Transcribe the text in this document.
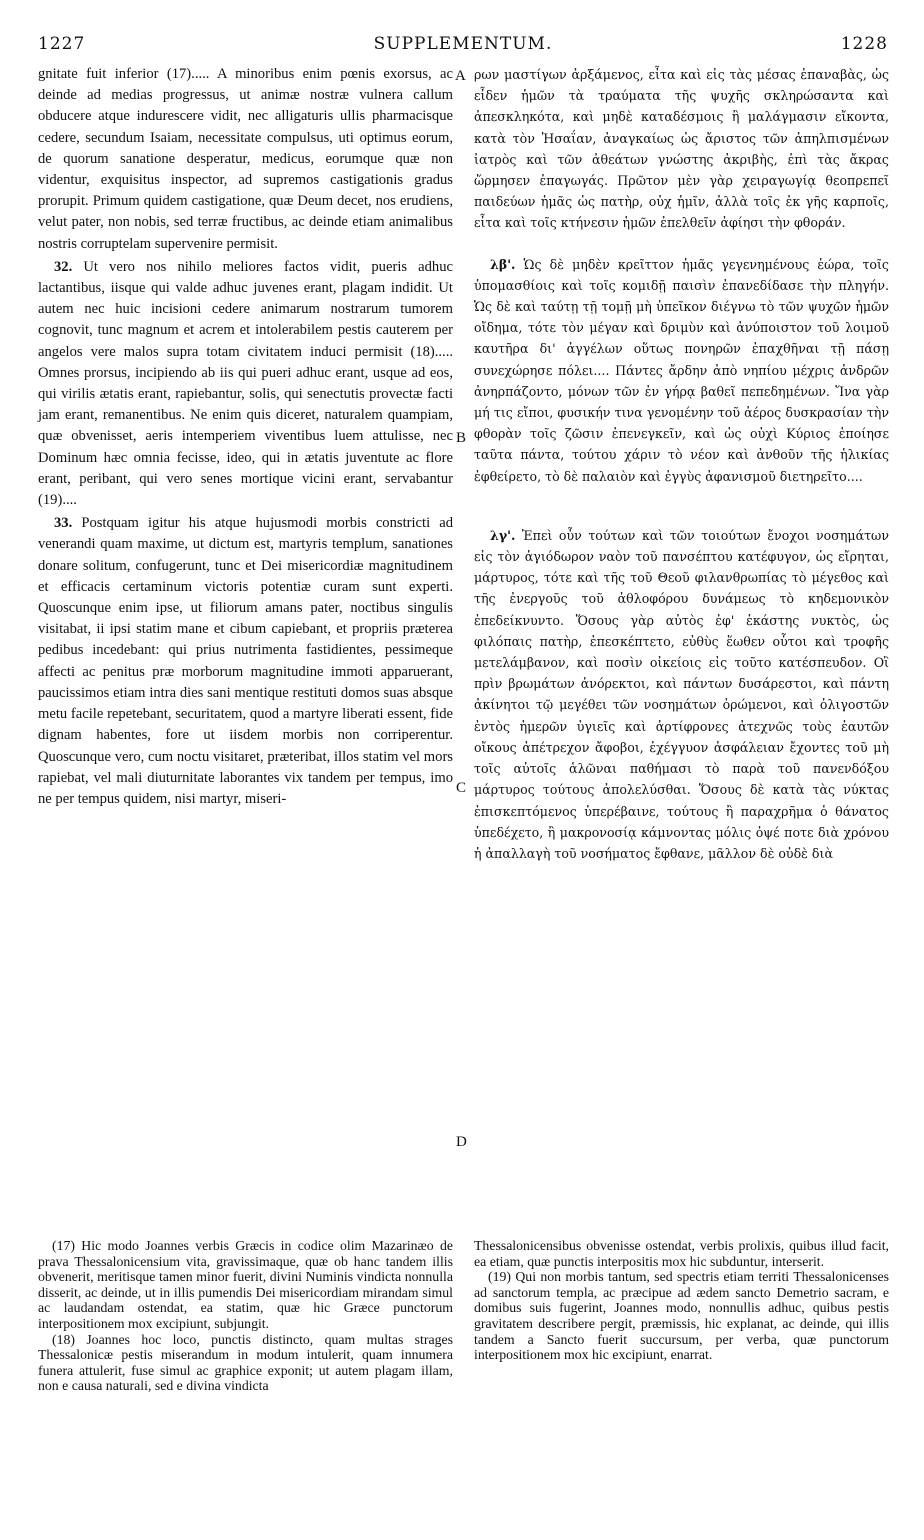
1227	SUPPLEMENTUM.	1228
A
B
C
D

gnitate fuit inferior (17)..... A minoribus enim pœnis exorsus, ac deinde ad medias progressus, ut animæ nostræ vulnera callum obducere atque indurescere vidit, nec alligaturis ullis pharmacisque cedere, secundum Isaiam, necessitate compulsus, uti optimus eorum, de quorum sanatione desperatur, medicus, eorumque quæ non videntur, exquisitus inspector, ad supremos castigationis gradus prorupit. Primum quidem castigatione, quæ Deum decet, nos erudiens, velut pater, non nobis, sed terræ fructibus, ac deinde etiam animalibus nostris corruptelam supervenire permisit.

32. Ut vero nos nihilo meliores factos vidit, pueris adhuc lactantibus, iisque qui valde adhuc juvenes erant, plagam indidit. Ut autem nec huic incisioni cedere animarum nostrarum tumorem cognovit, tunc magnum et acrem et intolerabilem pestis cauterem per angelos vere malos supra totam civitatem induci permisit (18)..... Omnes prorsus, incipiendo ab iis qui pueri adhuc erant, usque ad eos, qui virilis ætatis erant, rapiebantur, solis, qui senectutis provectæ facti jam erant, remanentibus. Ne enim quis diceret, naturalem quampiam, quæ obvenisset, aeris intemperiem viventibus luem attulisse, nec Dominum hæc omnia fecisse, ideo, qui in ætatis juventute ac flore erant, peribant, qui vero senes mortique vicini erant, servabantur (19)....

33. Postquam igitur his atque hujusmodi morbis constricti ad venerandi quam maxime, ut dictum est, martyris templum, sanationes donare solitum, confugerunt, tunc et Dei misericordiæ magnitudinem et efficacis certaminum victoris potentiæ curam sunt experti. Quoscunque enim ipse, ut filiorum amans pater, noctibus singulis visitabat, ii ipsi statim mane et cibum capiebant, et propriis præterea pedibus incedebant: qui prius nutrimenta fastidientes, pessimeque affecti ac penitus præ morborum magnitudine immoti apparuerant, paucissimos etiam intra dies sani mentique restituti domos suas absque metu facile repetebant, securitatem, quod a martyre liberati essent, fide dignam habentes, fore ut iisdem morbis non corriperentur. Quoscunque vero, cum noctu visitaret, præteribat, illos statim vel mors rapiebat, vel mali diuturnitate laborantes vix tandem per tempus, imo ne per tempus quidem, nisi martyr, miseri-

ρων μαστίγων ἀρξάμενος, εἶτα καὶ εἰς τὰς μέσας ἐπαναβὰς, ὡς εἶδεν ἡμῶν τὰ τραύματα τῆς ψυχῆς σκληρώσαντα καὶ ἀπεσκληκότα, καὶ μηδὲ καταδέσμοις ἢ μαλάγμασιν εἴκοντα, κατὰ τὸν Ἡσαΐαν, ἀναγκαίως ὡς ἄριστος τῶν ἀπηλπισμένων ἰατρὸς καὶ τῶν ἀθεάτων γνώστης ἀκριβὴς, ἐπὶ τὰς ἄκρας ὥρμησεν ἐπαγωγάς. Πρῶτον μὲν γὰρ χειραγωγίᾳ θεοπρεπεῖ παιδεύων ἡμᾶς ὡς πατὴρ, οὐχ ἡμῖν, ἀλλὰ τοῖς ἐκ γῆς καρποῖς, εἶτα καὶ τοῖς κτήνεσιν ἡμῶν ἐπελθεῖν ἀφίησι τὴν φθοράν.

λβ'. Ὡς δὲ μηδὲν κρεῖττον ἡμᾶς γεγενημένους ἑώρα, τοῖς ὑπομασθίοις καὶ τοῖς κομιδῇ παισὶν ἐπανεδίδασε τὴν πληγήν. Ὡς δὲ καὶ ταύτῃ τῇ τομῇ μὴ ὑπεῖκον διέγνω τὸ τῶν ψυχῶν ἡμῶν οἴδημα, τότε τὸν μέγαν καὶ δριμὺν καὶ ἀνύποιστον τοῦ λοιμοῦ καυτῆρα δι' ἀγγέλων οὕτως πονηρῶν ἐπαχθῆναι τῇ πάσῃ συνεχώρησε πόλει.... Πάντες ἄρδην ἀπὸ νηπίου μέχρις ἀνδρῶν ἀνηρπάζοντο, μόνων τῶν ἐν γήρᾳ βαθεῖ πεπεδημένων. Ἵνα γὰρ μή τις εἴποι, φυσικήν τινα γενομένην τοῦ ἀέρος δυσκρασίαν τὴν φθορὰν τοῖς ζῶσιν ἐπενεγκεῖν, καὶ ὡς οὐχὶ Κύριος ἐποίησε ταῦτα πάντα, τούτου χάριν τὸ νέον καὶ ἀνθοῦν τῆς ἡλικίας ἐφθείρετο, τὸ δὲ παλαιὸν καὶ ἐγγὺς ἀφανισμοῦ διετηρεῖτο....

λγ'. Ἐπεὶ οὖν τούτων καὶ τῶν τοιούτων ἔνοχοι νοσημάτων εἰς τὸν ἁγιόδωρον ναὸν τοῦ πανσέπτου κατέφυγον, ὡς εἴρηται, μάρτυρος, τότε καὶ τῆς τοῦ Θεοῦ φιλανθρωπίας τὸ μέγεθος καὶ τῆς ἐνεργοῦς τοῦ ἀθλοφόρου δυνάμεως τὸ κηδεμονικὸν ἐπεδείκνυντο. Ὅσους γὰρ αὐτὸς ἐφ' ἑκάστης νυκτὸς, ὡς φιλόπαις πατὴρ, ἐπεσκέπτετο, εὐθὺς ἕωθεν οὗτοι καὶ τροφῆς μετελάμβανον, καὶ ποσὶν οἰκείοις εἰς τοῦτο κατέσπευδον. Οἳ πρὶν βρωμάτων ἀνόρεκτοι, καὶ πάντων δυσάρεστοι, καὶ πάντη ἀκίνητοι τῷ μεγέθει τῶν νοσημάτων ὁρώμενοι, καὶ ὀλιγοστῶν ἐντὸς ἡμερῶν ὑγιεῖς καὶ ἀρτίφρονες ἀτεχνῶς τοὺς ἑαυτῶν οἴκους ἀπέτρεχον ἄφοβοι, ἐχέγγυον ἀσφάλειαν ἔχοντες τοῦ μὴ τοῖς αὐτοῖς ἁλῶναι παθήμασι τὸ παρὰ τοῦ πανενδόξου μάρτυρος τούτους ἀπολελύσθαι. Ὅσους δὲ κατὰ τὰς νύκτας ἐπισκεπτόμενος ὑπερέβαινε, τούτους ἢ παραχρῆμα ὁ θάνατος ὑπεδέχετο, ἢ μακρονοσίᾳ κάμνοντας μόλις ὀψέ ποτε διὰ χρόνου ἡ ἀπαλλαγὴ τοῦ νοσήματος ἔφθανε, μᾶλλον δὲ οὐδὲ διὰ

(17) Hic modo Joannes verbis Græcis in codice olim Mazarinæo de prava Thessalonicensium vita, gravissimaque, quæ ob hanc tandem illis obvenerit, meritisque tamen minor fuerit, divini Numinis vindicta nonnulla disserit, ac deinde, ut in illis pumendis Dei misericordiam mirandam simul ac laudandam ostendat, ea statim, quæ hic Græce punctorum interpositionem mox excipiunt, subjungit.

(18) Joannes hoc loco, punctis distincto, quam multas strages Thessalonicæ pestis miserandum in modum intulerit, quam innumera funera attulerit, fuse simul ac graphice exponit; ut autem plagam illam, non e causa naturali, sed e divina vindicta

Thessalonicensibus obvenisse ostendat, verbis prolixis, quibus illud facit, ea etiam, quæ punctis interpositis mox hic subduntur, interserit.

(19) Qui non morbis tantum, sed spectris etiam territi Thessalonicenses ad sanctorum templa, ac præcipue ad ædem sancto Demetrio sacram, e domibus suis fugerint, Joannes modo, nonnullis adhuc, quibus pestis gravitatem describere pergit, præmissis, hic explanat, ac deinde, qui illis tandem a Sancto fuerit succursum, per verba, quæ punctorum interpositionem mox hic excipiunt, enarrat.
